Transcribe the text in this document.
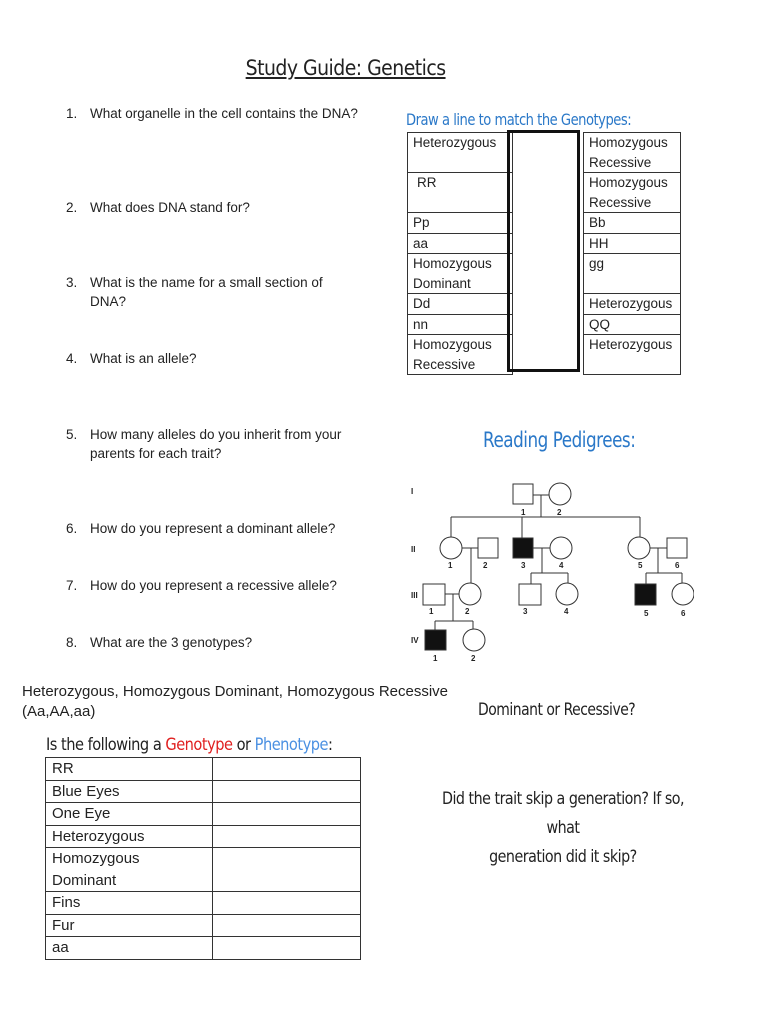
Study Guide: Genetics
1. What organelle in the cell contains the DNA?
2. What does DNA stand for?
3. What is the name for a small section of DNA?
4. What is an allele?
5. How many alleles do you inherit from your parents for each trait?
6. How do you represent a dominant allele?
7. How do you represent a recessive allele?
8. What are the 3 genotypes?
Draw a line to match the Genotypes:
Heterozygous		Homozygous Recessive
RR		Homozygous Recessive
Pp		Bb
aa		HH
Homozygous Dominant		gg
Dd		Heterozygous
nn		QQ
Homozygous Recessive		Heterozygous
Reading Pedigrees:
I
II
III
IV
1	2
1	2	3	4	5	6
1	2	3	4	5	6
1	2
Heterozygous, Homozygous Dominant, Homozygous Recessive
(Aa,AA,aa)	Dominant or Recessive?
Is the following a Genotype or Phenotype:
RR	
Blue Eyes	
One Eye	
Heterozygous	
Homozygous Dominant	
Fins	
Fur	
aa	
Did the trait skip a generation? If so, what
generation did it skip?
